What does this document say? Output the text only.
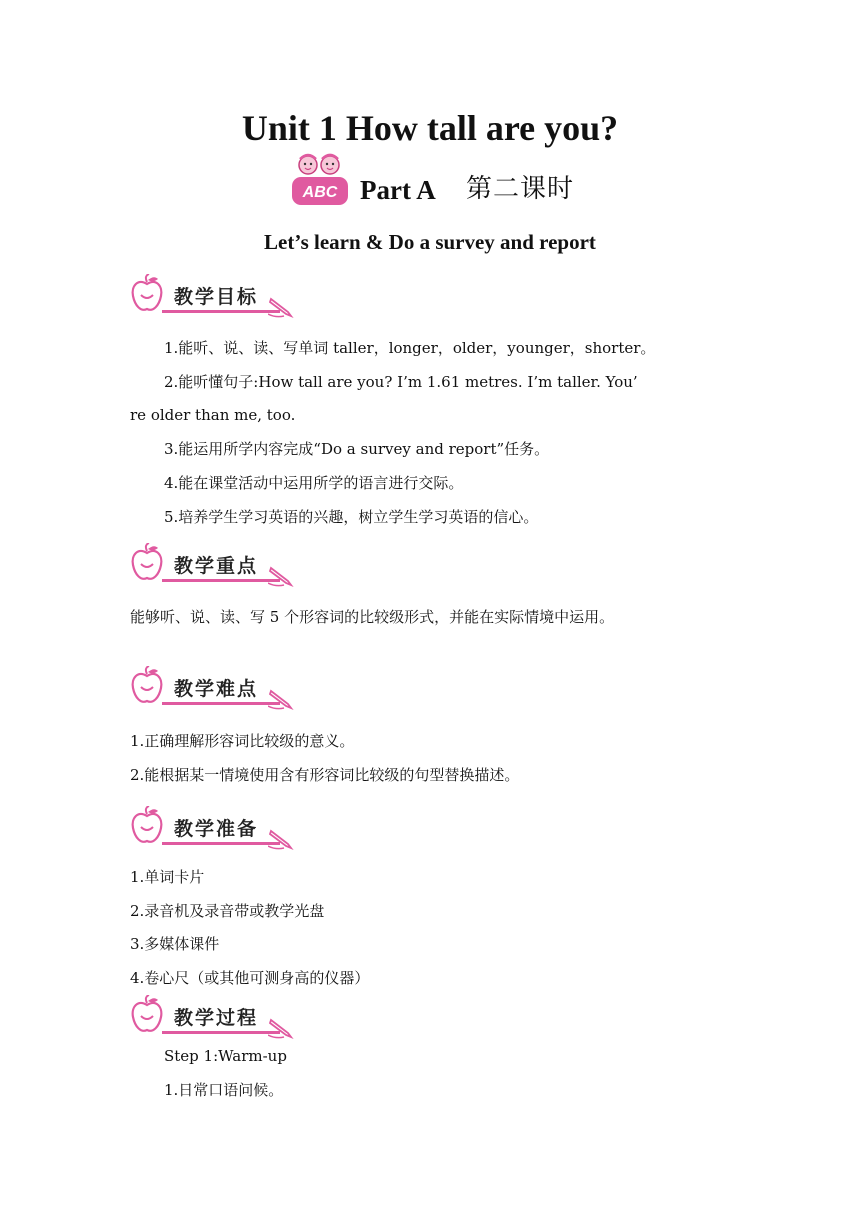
Unit 1 How tall are you?
ABC Part A 第二课时
Let’s learn & Do a survey and report
教学目标
1.能听、说、读、写单词 taller，longer，older，younger，shorter。
2.能听懂句子:How tall are you? I’m 1.61 metres. I’m taller. You’
re older than me, too.
3.能运用所学内容完成“Do a survey and report”任务。
4.能在课堂活动中运用所学的语言进行交际。
5.培养学生学习英语的兴趣，树立学生学习英语的信心。
教学重点
能够听、说、读、写 5 个形容词的比较级形式，并能在实际情境中运用。
教学难点
1.正确理解形容词比较级的意义。
2.能根据某一情境使用含有形容词比较级的句型替换描述。
教学准备
1.单词卡片
2.录音机及录音带或教学光盘
3.多媒体课件
4.卷心尺（或其他可测身高的仪器）
教学过程
Step 1:Warm-up
1.日常口语问候。
